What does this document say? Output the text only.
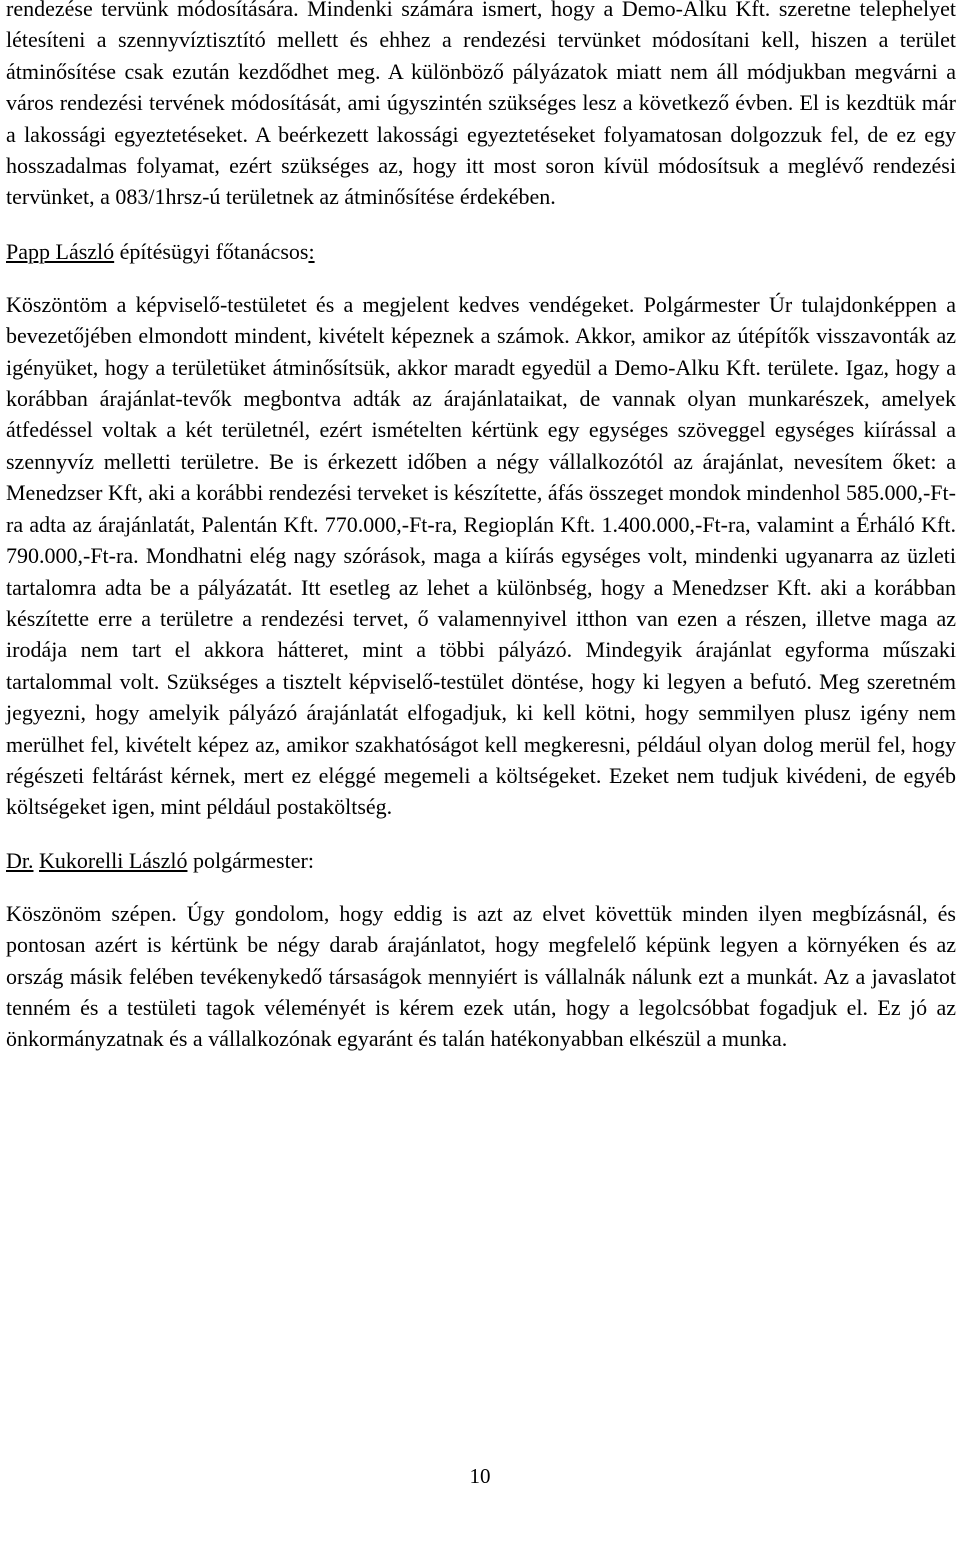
rendezése tervünk módosítására. Mindenki számára ismert, hogy a Demo-Alku Kft. szeretne telephelyet létesíteni a szennyvíztisztító mellett és ehhez a rendezési tervünket módosítani kell, hiszen a terület átminősítése csak ezután kezdődhet meg. A különböző pályázatok miatt nem áll módjukban megvárni a város rendezési tervének módosítását, ami úgyszintén szükséges lesz a következő évben. El is kezdtük már a lakossági egyeztetéseket. A beérkezett lakossági egyeztetéseket folyamatosan dolgozzuk fel, de ez egy hosszadalmas folyamat, ezért szükséges az, hogy itt most soron kívül módosítsuk a meglévő rendezési tervünket, a 083/1hrsz-ú területnek az átminősítése érdekében.

Papp László építésügyi főtanácsos:

Köszöntöm a képviselő-testületet és a megjelent kedves vendégeket. Polgármester Úr tulajdonképpen a bevezetőjében elmondott mindent, kivételt képeznek a számok. Akkor, amikor az útépítők visszavonták az igényüket, hogy a területüket átminősítsük, akkor maradt egyedül a Demo-Alku Kft. területe. Igaz, hogy a korábban árajánlat-tevők megbontva adták az árajánlataikat, de vannak olyan munkarészek, amelyek átfedéssel voltak a két területnél, ezért ismételten kértünk egy egységes szöveggel egységes kiírással a szennyvíz melletti területre. Be is érkezett időben a négy vállalkozótól az árajánlat, nevesítem őket: a Menedzser Kft, aki a korábbi rendezési terveket is készítette, áfás összeget mondok mindenhol 585.000,-Ft-ra adta az árajánlatát, Palentán Kft. 770.000,-Ft-ra, Regioplán Kft. 1.400.000,-Ft-ra, valamint a Érháló Kft. 790.000,-Ft-ra. Mondhatni elég nagy szórások, maga a kiírás egységes volt, mindenki ugyanarra az üzleti tartalomra adta be a pályázatát. Itt esetleg az lehet a különbség, hogy a Menedzser Kft. aki a korábban készítette erre a területre a rendezési tervet, ő valamennyivel itthon van ezen a részen, illetve maga az irodája nem tart el akkora hátteret, mint a többi pályázó. Mindegyik árajánlat egyforma műszaki tartalommal volt. Szükséges a tisztelt képviselő-testület döntése, hogy ki legyen a befutó. Meg szeretném jegyezni, hogy amelyik pályázó árajánlatát elfogadjuk, ki kell kötni, hogy semmilyen plusz igény nem merülhet fel, kivételt képez az, amikor szakhatóságot kell megkeresni, például olyan dolog merül fel, hogy régészeti feltárást kérnek, mert ez eléggé megemeli a költségeket. Ezeket nem tudjuk kivédeni, de egyéb költségeket igen, mint például postaköltség.

Dr. Kukorelli László polgármester:

Köszönöm szépen. Úgy gondolom, hogy eddig is azt az elvet követtük minden ilyen megbízásnál, és pontosan azért is kértünk be négy darab árajánlatot, hogy megfelelő képünk legyen a környéken és az ország másik felében tevékenykedő társaságok mennyiért is vállalnák nálunk ezt a munkát. Az a javaslatot tenném és a testületi tagok véleményét is kérem ezek után, hogy a legolcsóbbat fogadjuk el. Ez jó az önkormányzatnak és a vállalkozónak egyaránt és talán hatékonyabban elkészül a munka.

10
